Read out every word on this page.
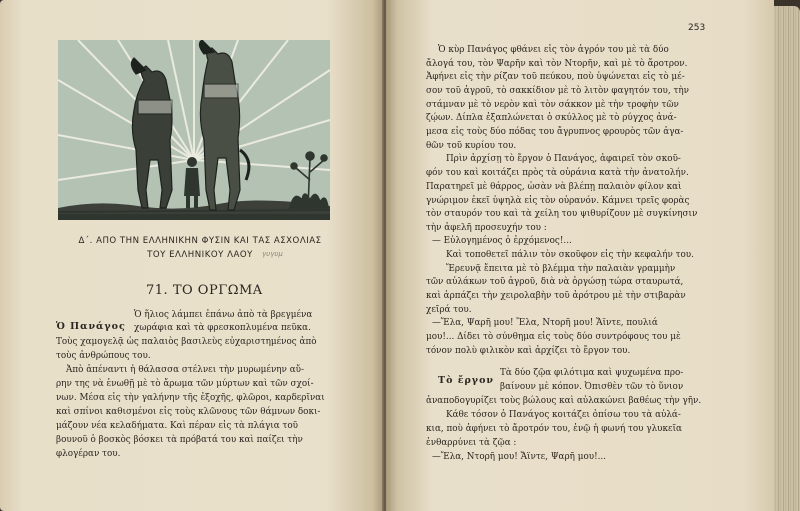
Δ΄. ΑΠΟ ΤΗΝ ΕΛΛΗΝΙΚΗΝ ΦΥΣΙΝ ΚΑΙ ΤΑΣ ΑΣΧΟΛΙΑΣ
ΤΟΥ ΕΛΛΗΝΙΚΟΥ ΛΑΟΥ	γυγυμ
71. ΤΟ ΟΡΓΩΜΑ
Ὁ Πανάγος
Ὁ ἥλιος λάμπει ἐπάνω ἀπὸ τὰ βρεγμένα
χωράφια καὶ τὰ φρεσκοπλυμένα πεῦκα.
Τοὺς χαμογελᾷ ὡς παλαιὸς βασιλεὺς εὐχαριστημένος ἀπὸ
τοὺς ἀνθρώπους του.
Ἀπὸ ἀπέναντι ἡ θάλασσα στέλνει τὴν μυρωμένην αὔ-
ρην της νὰ ἑνωθῇ μὲ τὸ ἄρωμα τῶν μύρτων καὶ τῶν σχοί-
νων. Μέσα εἰς τὴν γαλήνην τῆς ἐξοχῆς, φλῶροι, καρδερῖναι
καὶ σπίνοι καθισμένοι εἰς τοὺς κλῶνους τῶν θάμνων δοκι-
μάζουν νέα κελαδήματα. Καὶ πέραν εἰς τὰ πλάγια τοῦ
βουνοῦ ὁ βοσκὸς βόσκει τὰ πρόβατά του καὶ παίζει τὴν
φλογέραν του.
253
Ὁ κὺρ Πανάγος φθάνει εἰς τὸν ἀγρόν του μὲ τὰ δύο
ἄλογά του, τὸν Ψαρῆν καὶ τὸν Ντορῆν, καὶ μὲ τὸ ἄροτρον.
Ἀφήνει εἰς τὴν ρίζαν τοῦ πεύκου, ποὺ ὑψώνεται εἰς τὸ μέ-
σον τοῦ ἀγροῦ, τὸ σακκίδιον μὲ τὸ λιτὸν φαγητόν του, τὴν
στάμναν μὲ τὸ νερὸν καὶ τὸν σάκκον μὲ τὴν τροφὴν τῶν
ζῴων. Δίπλα ἐξαπλώνεται ὁ σκύλλος μὲ τὸ ρύγχος ἀνά-
μεσα εἰς τοὺς δύο πόδας του ἄγρυπνος φρουρὸς τῶν ἀγα-
θῶν τοῦ κυρίου του.
Πρὶν ἀρχίσῃ τὸ ἔργον ὁ Πανάγος, ἀφαιρεῖ τὸν σκοῦ-
φόν του καὶ κοιτάζει πρὸς τὰ οὐράνια κατὰ τὴν ἀνατολήν.
Παρατηρεῖ μὲ θάρρος, ὡσὰν νὰ βλέπῃ παλαιὸν φίλον καὶ
γνώριμον ἐκεῖ ὑψηλὰ εἰς τὸν οὐρανόν. Κάμνει τρεῖς φορὰς
τὸν σταυρόν του καὶ τὰ χείλη του ψιθυρίζουν μὲ συγκίνησιν
τὴν ἀφελῆ προσευχήν του :
— Εὐλογημένος ὁ ἐρχόμενος!...
Καὶ τοποθετεῖ πάλιν τὸν σκοῦφον εἰς τὴν κεφαλήν του.
Ἔρευνᾷ ἔπειτα μὲ τὸ βλέμμα τὴν παλαιὰν γραμμὴν
τῶν αὐλάκων τοῦ ἀγροῦ, διὰ νὰ ὀργώσῃ τώρα σταυρωτά,
καὶ ἁρπάζει τὴν χειρολαβὴν τοῦ ἀρότρου μὲ τὴν στιβαρὰν
χεῖρά του.
—Ἔλα, Ψαρῆ μου! Ἔλα, Ντορῆ μου! Ἄϊντε, πουλιά
μου!... Δίδει τὸ σύνθημα εἰς τοὺς δύο συντρόφους του μὲ
τόνον πολὺ φιλικὸν καὶ ἀρχίζει τὸ ἔργον του.
Τὸ ἔργον
Τὰ δύο ζῷα φιλότιμα καὶ ψυχωμένα προ-
βαίνουν μὲ κόπον. Ὀπισθὲν τῶν τὸ ὕνιον
ἀναποδογυρίζει τοὺς βώλους καὶ αὐλακώνει βαθέως τὴν γῆν.
Κάθε τόσον ὁ Πανάγος κοιτάζει ὀπίσω του τὰ αὐλά-
κια, ποὺ ἀφήνει τὸ ἄροτρόν του, ἐνῷ ἡ φωνή του γλυκεῖα
ἐνθαρρύνει τὰ ζῷα :
—Ἔλα, Ντορῆ μου! Ἄϊντε, Ψαρῆ μου!...
